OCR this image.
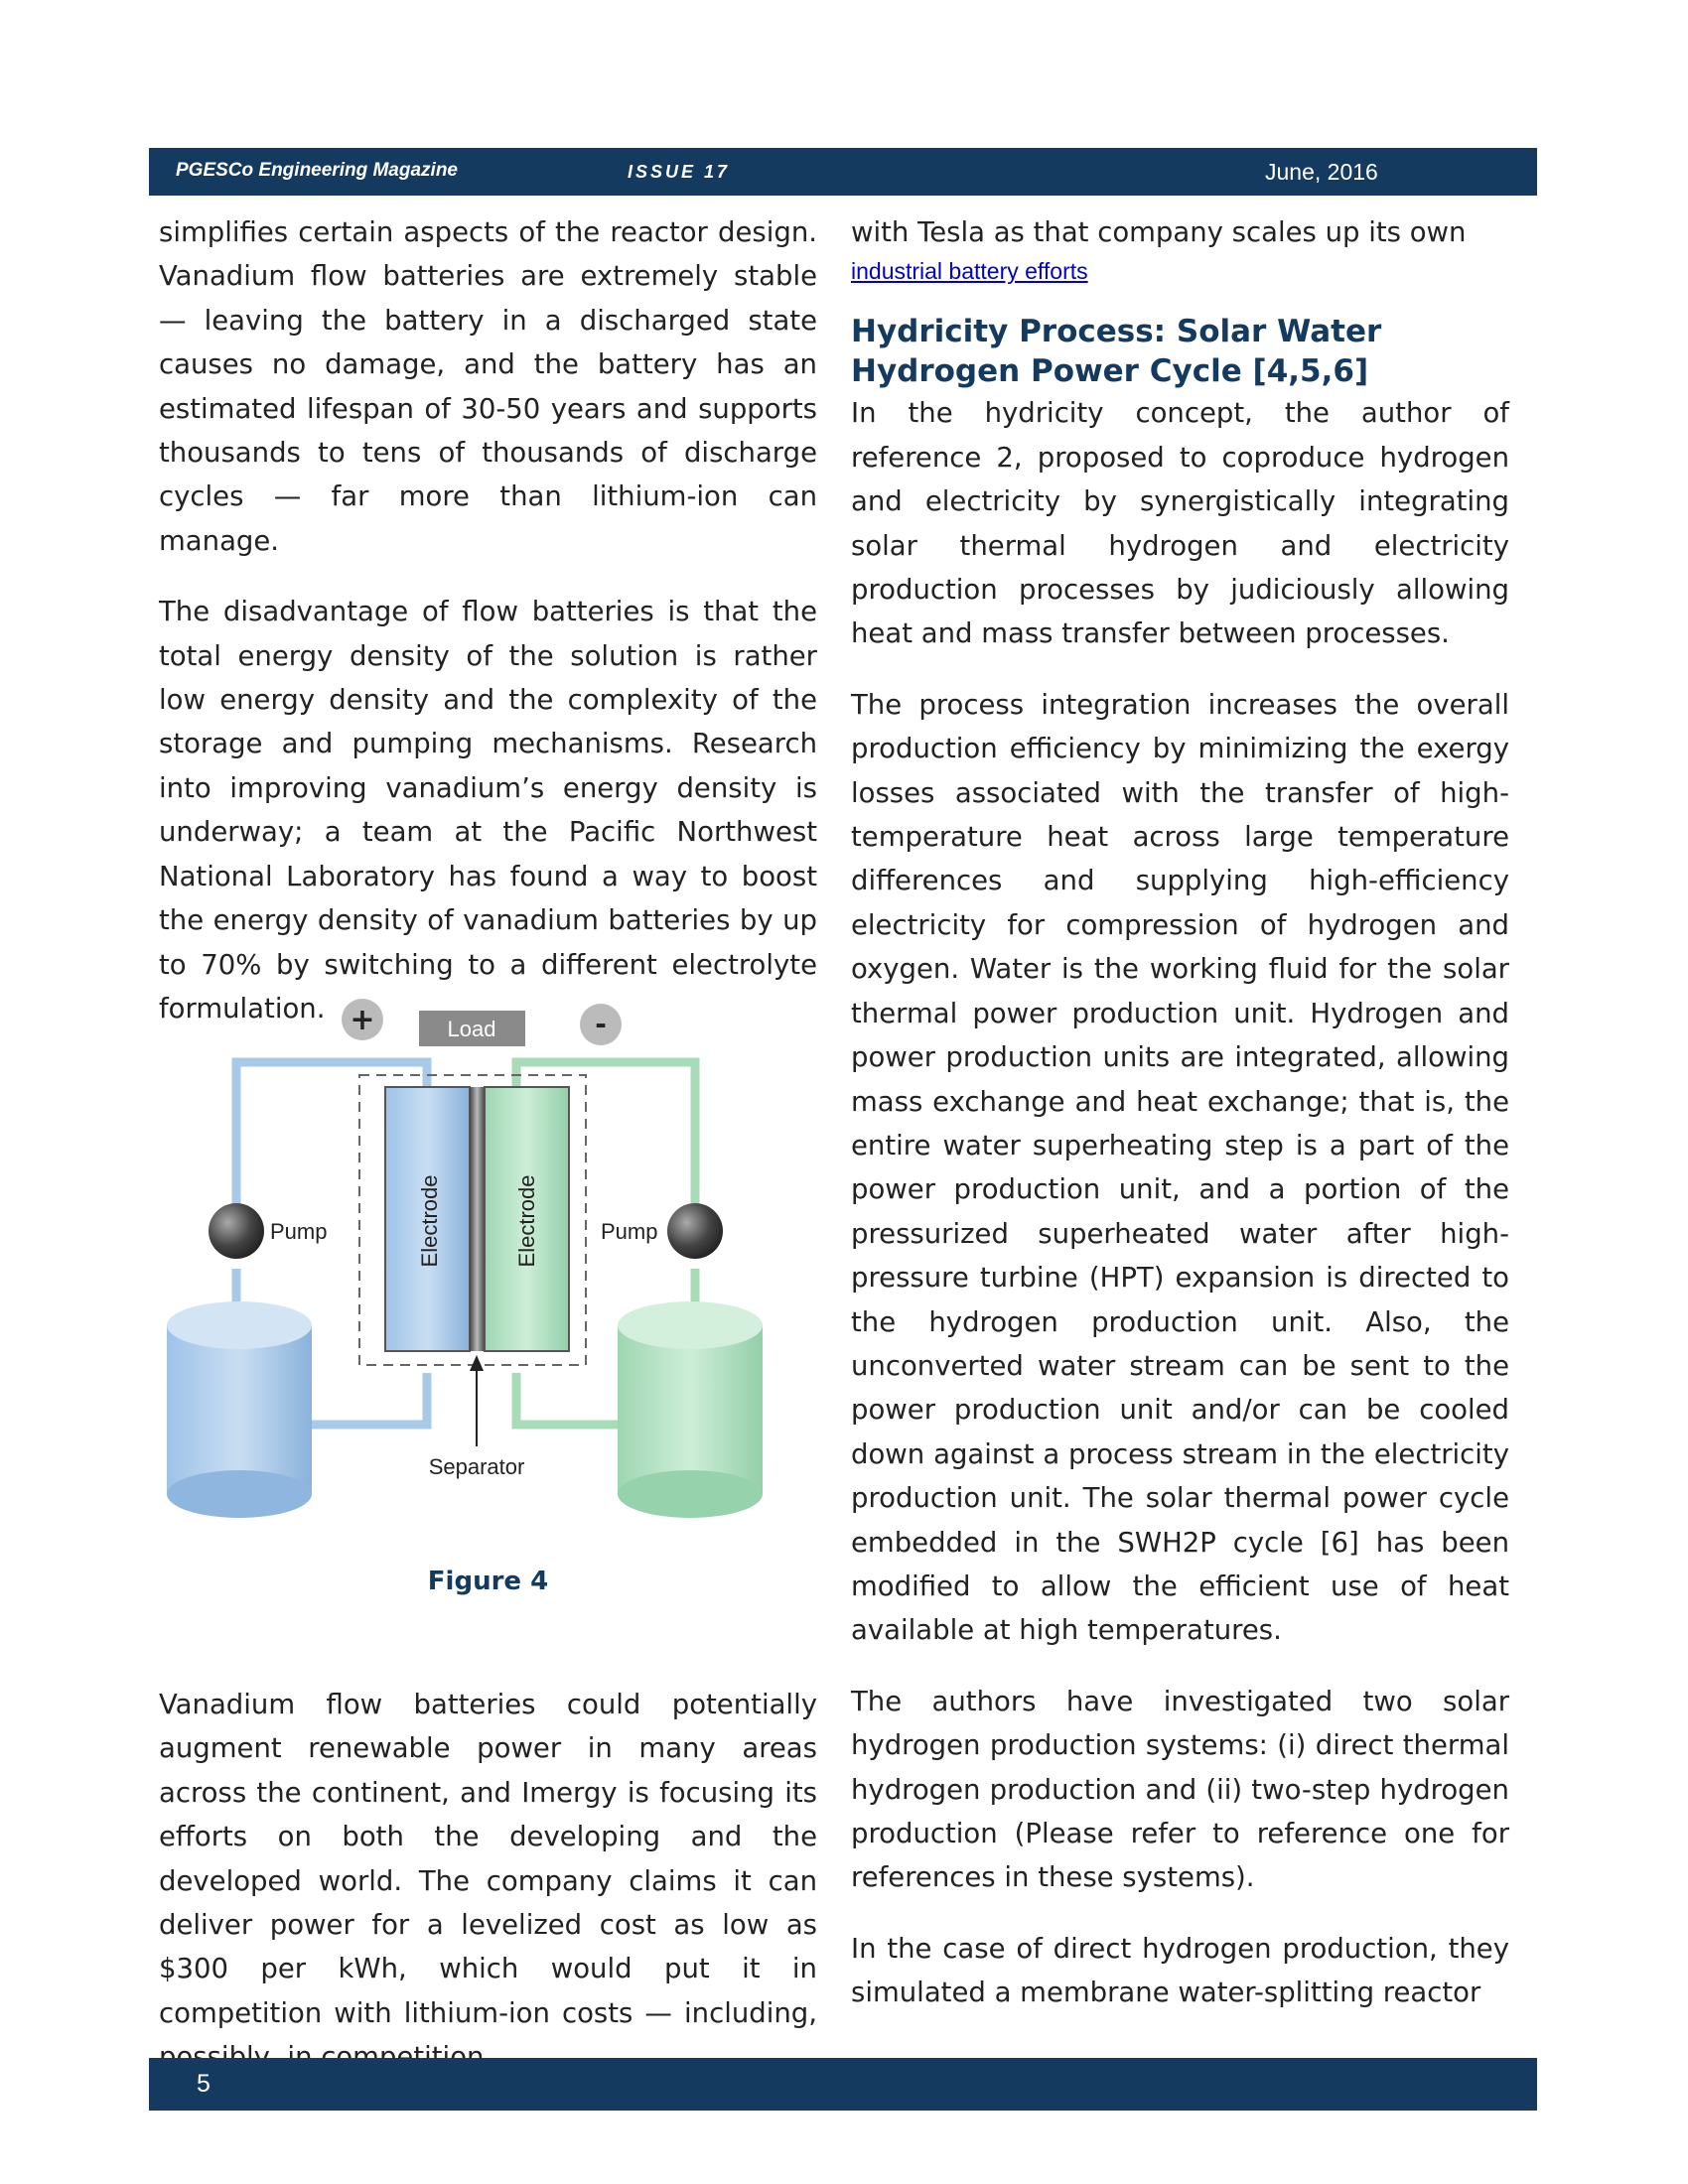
PGESCo Engineering Magazine	ISSUE 17	June, 2016

simplifies certain aspects of the reactor design. Vanadium flow batteries are extremely stable — leaving the battery in a discharged state causes no damage, and the battery has an estimated lifespan of 30-50 years and supports thousands to tens of thousands of discharge cycles — far more than lithium-ion can manage.

The disadvantage of flow batteries is that the total energy density of the solution is rather low energy density and the complexity of the storage and pumping mechanisms. Research into improving vanadium’s energy density is underway; a team at the Pacific Northwest National Laboratory has found a way to boost the energy density of vanadium batteries by up to 70% by switching to a different electrolyte formulation.

Electrode	Electrode
+	-
Load
Pump	Pump
Separator
Figure 4

Vanadium flow batteries could potentially augment renewable power in many areas across the continent, and Imergy is focusing its efforts on both the developing and the developed world. The company claims it can deliver power for a levelized cost as low as $300 per kWh, which would put it in competition with lithium-ion costs — including,

with Tesla as that company scales up its own

industrial battery efforts
Hydricity Process: Solar Water Hydrogen Power Cycle [4,5,6]

In the hydricity concept, the author of reference 2, proposed to coproduce hydrogen and electricity by synergistically integrating solar thermal hydrogen and electricity production processes by judiciously allowing heat and mass transfer between processes.

The process integration increases the overall production efficiency by minimizing the exergy losses associated with the transfer of high-temperature heat across large temperature differences and supplying high-efficiency electricity for compression of hydrogen and oxygen. Water is the working fluid for the solar thermal power production unit. Hydrogen and power production units are integrated, allowing mass exchange and heat exchange; that is, the entire water superheating step is a part of the power production unit, and a portion of the pressurized superheated water after high-pressure turbine (HPT) expansion is directed to the hydrogen production unit. Also, the unconverted water stream can be sent to the power production unit and/or can be cooled down against a process stream in the electricity production unit. The solar thermal power cycle embedded in the SWH2P cycle [6] has been modified to allow the efficient use of heat available at high temperatures.

The authors have investigated two solar hydrogen production systems: (i) direct thermal hydrogen production and (ii) two-step hydrogen production (Please refer to reference one for references in these systems).

In the case of direct hydrogen production, they simulated a membrane water-splitting reactor

5
